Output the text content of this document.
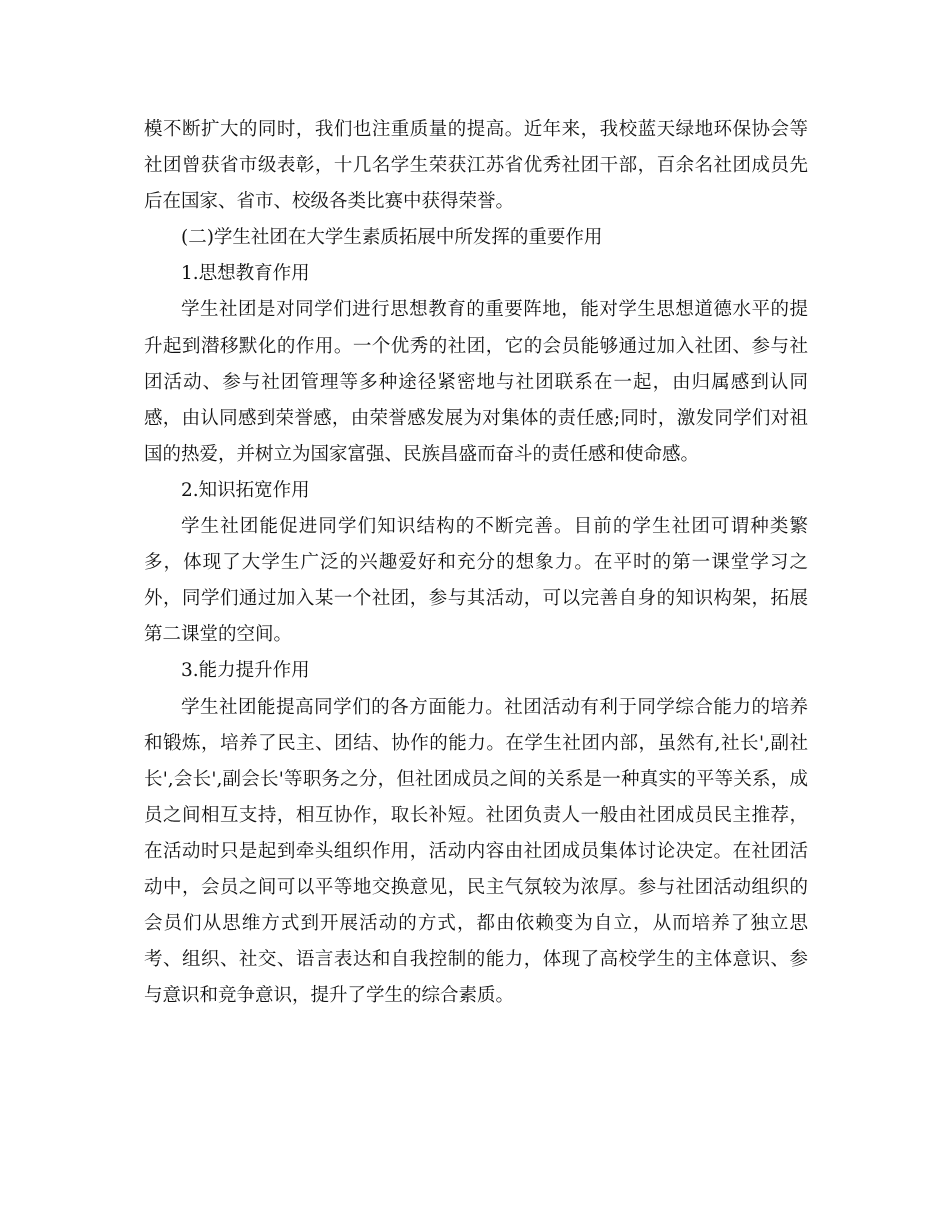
模不断扩大的同时，我们也注重质量的提高。近年来，我校蓝天绿地环保协会等社团曾获省市级表彰，十几名学生荣获江苏省优秀社团干部，百余名社团成员先后在国家、省市、校级各类比赛中获得荣誉。

(二)学生社团在大学生素质拓展中所发挥的重要作用

1.思想教育作用

学生社团是对同学们进行思想教育的重要阵地，能对学生思想道德水平的提升起到潜移默化的作用。一个优秀的社团，它的会员能够通过加入社团、参与社团活动、参与社团管理等多种途径紧密地与社团联系在一起，由归属感到认同感，由认同感到荣誉感，由荣誉感发展为对集体的责任感;同时，激发同学们对祖国的热爱，并树立为国家富强、民族昌盛而奋斗的责任感和使命感。

2.知识拓宽作用

学生社团能促进同学们知识结构的不断完善。目前的学生社团可谓种类繁多，体现了大学生广泛的兴趣爱好和充分的想象力。在平时的第一课堂学习之外，同学们通过加入某一个社团，参与其活动，可以完善自身的知识构架，拓展第二课堂的空间。

3.能力提升作用

学生社团能提高同学们的各方面能力。社团活动有利于同学综合能力的培养和锻炼，培养了民主、团结、协作的能力。在学生社团内部，虽然有,社长',副社长',会长',副会长'等职务之分，但社团成员之间的关系是一种真实的平等关系，成员之间相互支持，相互协作，取长补短。社团负责人一般由社团成员民主推荐，在活动时只是起到牵头组织作用，活动内容由社团成员集体讨论决定。在社团活动中，会员之间可以平等地交换意见，民主气氛较为浓厚。参与社团活动组织的会员们从思维方式到开展活动的方式，都由依赖变为自立，从而培养了独立思考、组织、社交、语言表达和自我控制的能力，体现了高校学生的主体意识、参与意识和竞争意识，提升了学生的综合素质。
